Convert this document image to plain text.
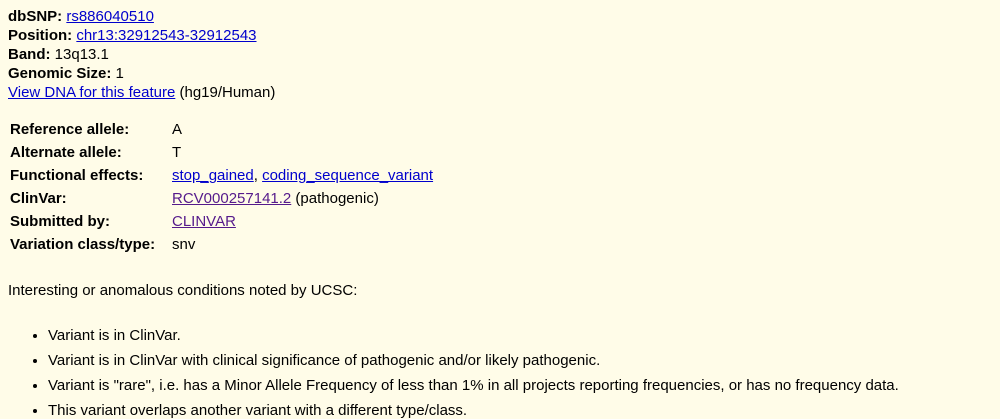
dbSNP: rs886040510
Position: chr13:32912543-32912543
Band: 13q13.1
Genomic Size: 1
View DNA for this feature (hg19/Human)
Reference allele:	A
Alternate allele:	T
Functional effects:	stop_gained, coding_sequence_variant
ClinVar:	RCV000257141.2 (pathogenic)
Submitted by:	CLINVAR
Variation class/type:	snv

Interesting or anomalous conditions noted by UCSC:

• Variant is in ClinVar.
• Variant is in ClinVar with clinical significance of pathogenic and/or likely pathogenic.
• Variant is "rare", i.e. has a Minor Allele Frequency of less than 1% in all projects reporting frequencies, or has no frequency data.
• This variant overlaps another variant with a different type/class.
